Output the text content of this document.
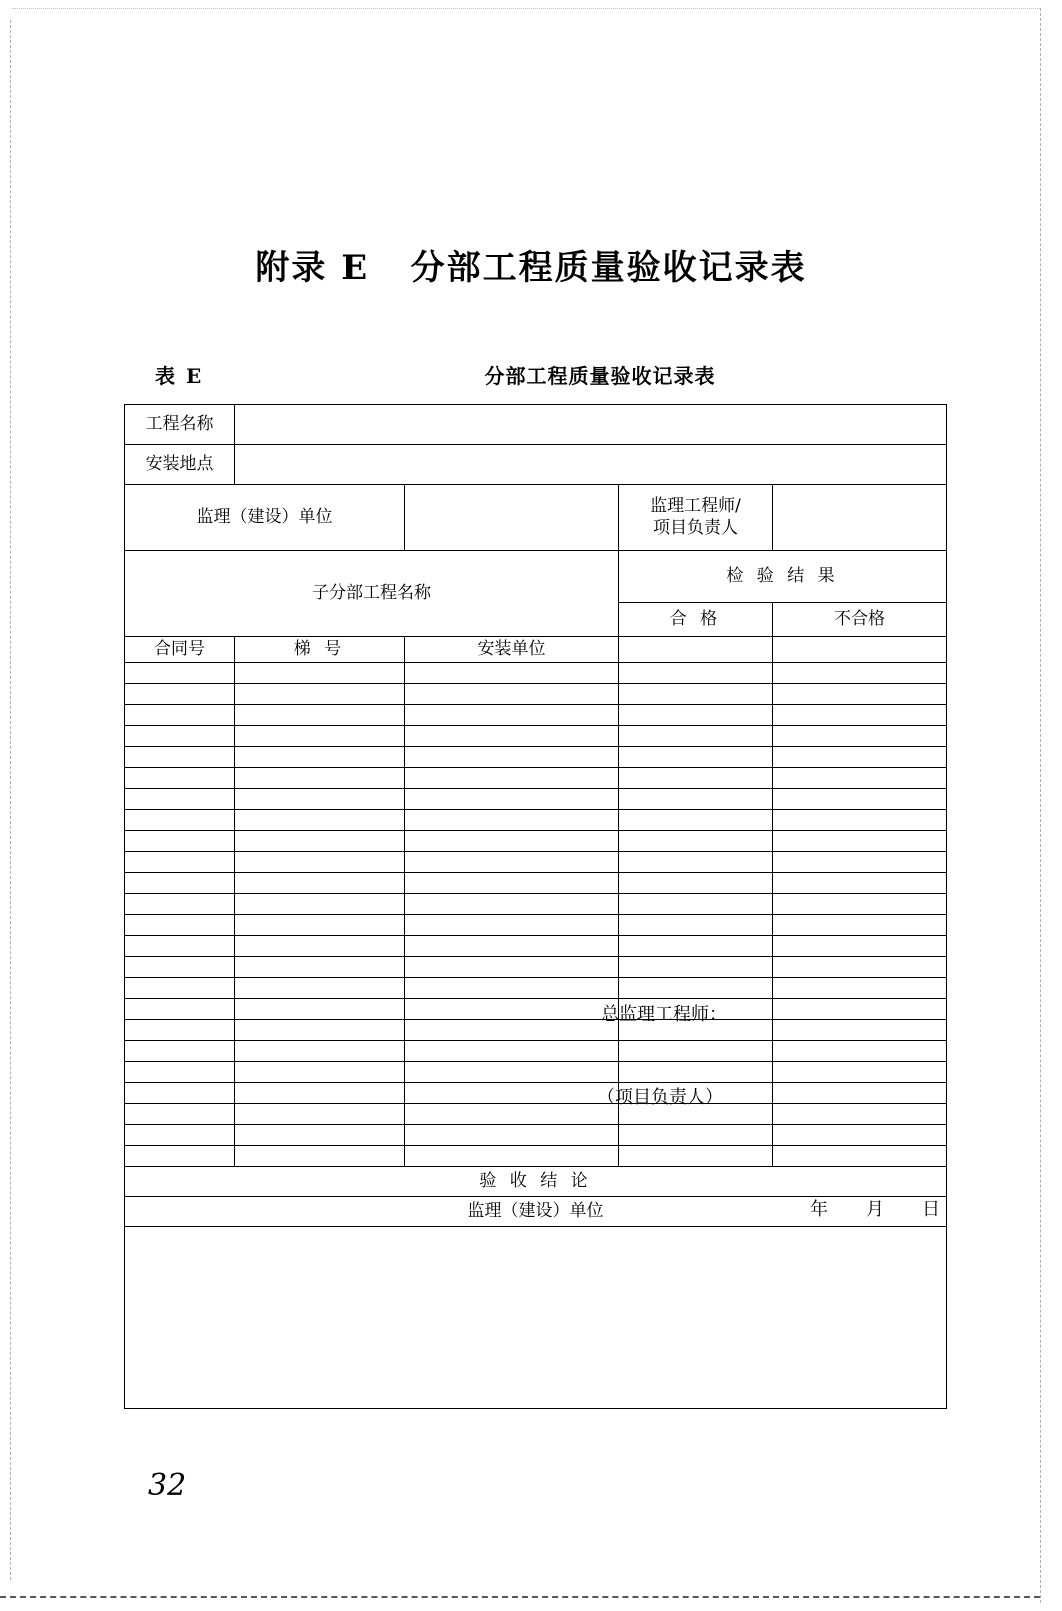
附录 E   分部工程质量验收记录表
分部工程质量验收记录表
表 E
工程名称				
安装地点				
监理（建设）单位			监理工程师/
项目负责人	

子分部工程名称			检 验 结 果	
			合 格	不合格
合同号	梯 号	安装单位		

验 收 结 论				
监理（建设）单位				

总监理工程师：

（项目负责人）

年 月 日				

32
